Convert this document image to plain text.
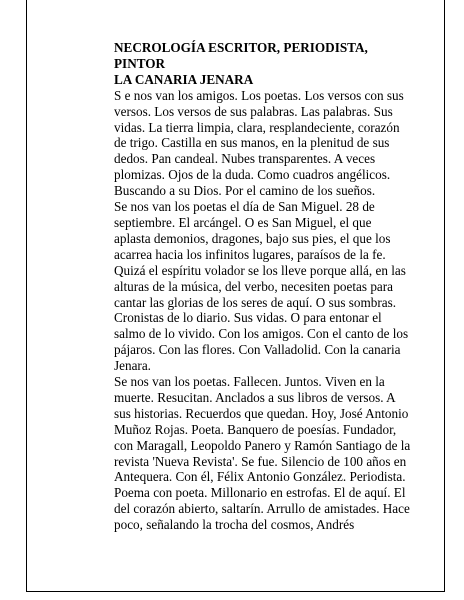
NECROLOGÍA ESCRITOR, PERIODISTA,
PINTOR

LA CANARIA JENARA

S e nos van los amigos. Los poetas. Los versos con sus
versos. Los versos de sus palabras. Las palabras. Sus
vidas. La tierra limpia, clara, resplandeciente, corazón
de trigo. Castilla en sus manos, en la plenitud de sus
dedos. Pan candeal. Nubes transparentes. A veces
plomizas. Ojos de la duda. Como cuadros angélicos.
Buscando a su Dios. Por el camino de los sueños.

Se nos van los poetas el día de San Miguel. 28 de
septiembre. El arcángel. O es San Miguel, el que
aplasta demonios, dragones, bajo sus pies, el que los
acarrea hacia los infinitos lugares, paraísos de la fe.
Quizá el espíritu volador se los lleve porque allá, en las
alturas de la música, del verbo, necesiten poetas para
cantar las glorias de los seres de aquí. O sus sombras.
Cronistas de lo diario. Sus vidas. O para entonar el
salmo de lo vivido. Con los amigos. Con el canto de los
pájaros. Con las flores. Con Valladolid. Con la canaria
Jenara.

Se nos van los poetas. Fallecen. Juntos. Viven en la
muerte. Resucitan. Anclados a sus libros de versos. A
sus historias. Recuerdos que quedan. Hoy, José Antonio
Muñoz Rojas. Poeta. Banquero de poesías. Fundador,
con Maragall, Leopoldo Panero y Ramón Santiago de la
revista 'Nueva Revista'. Se fue. Silencio de 100 años en
Antequera. Con él, Félix Antonio González. Periodista.
Poema con poeta. Millonario en estrofas. El de aquí. El
del corazón abierto, saltarín. Arrullo de amistades. Hace
poco, señalando la trocha del cosmos, Andrés
